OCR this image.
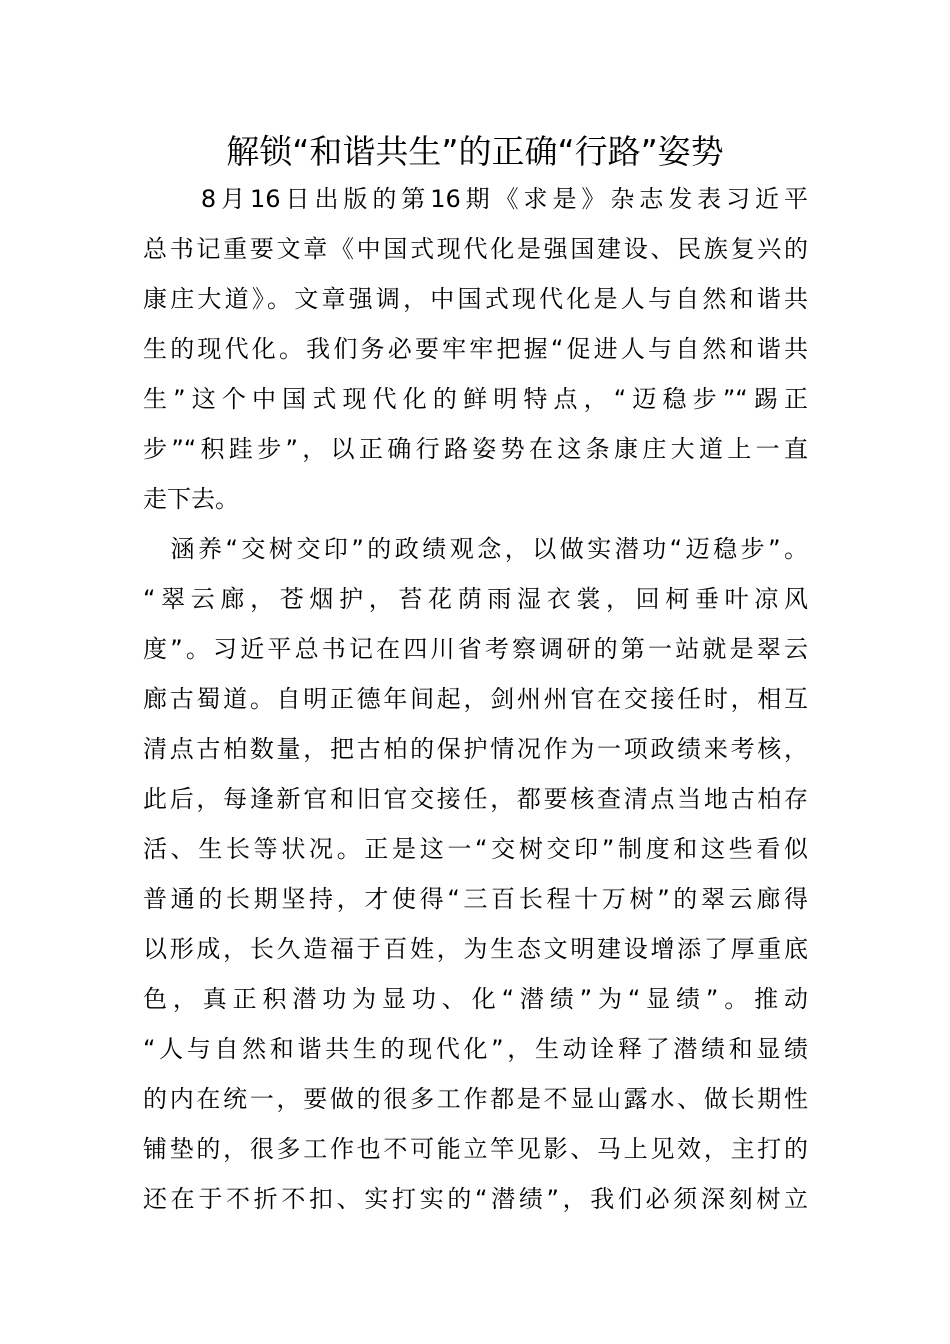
解锁“和谐共生”的正确“行路”姿势
　　8月16日出版的第16期《求是》杂志发表习近平
总书记重要文章《中国式现代化是强国建设、民族复兴的
康庄大道》。文章强调，中国式现代化是人与自然和谐共
生的现代化。我们务必要牢牢把握“促进人与自然和谐共
生”这个中国式现代化的鲜明特点，“迈稳步”“踢正
步”“积跬步”，以正确行路姿势在这条康庄大道上一直
走下去。
　涵养“交树交印”的政绩观念，以做实潜功“迈稳步”。
“翠云廊，苍烟护，苔花荫雨湿衣裳，回柯垂叶凉风
度”。习近平总书记在四川省考察调研的第一站就是翠云
廊古蜀道。自明正德年间起，剑州州官在交接任时，相互
清点古柏数量，把古柏的保护情况作为一项政绩来考核，
此后，每逢新官和旧官交接任，都要核查清点当地古柏存
活、生长等状况。正是这一“交树交印”制度和这些看似
普通的长期坚持，才使得“三百长程十万树”的翠云廊得
以形成，长久造福于百姓，为生态文明建设增添了厚重底
色，真正积潜功为显功、化“潜绩”为“显绩”。推动
“人与自然和谐共生的现代化”，生动诠释了潜绩和显绩
的内在统一，要做的很多工作都是不显山露水、做长期性
铺垫的，很多工作也不可能立竿见影、马上见效，主打的
还在于不折不扣、实打实的“潜绩”，我们必须深刻树立
